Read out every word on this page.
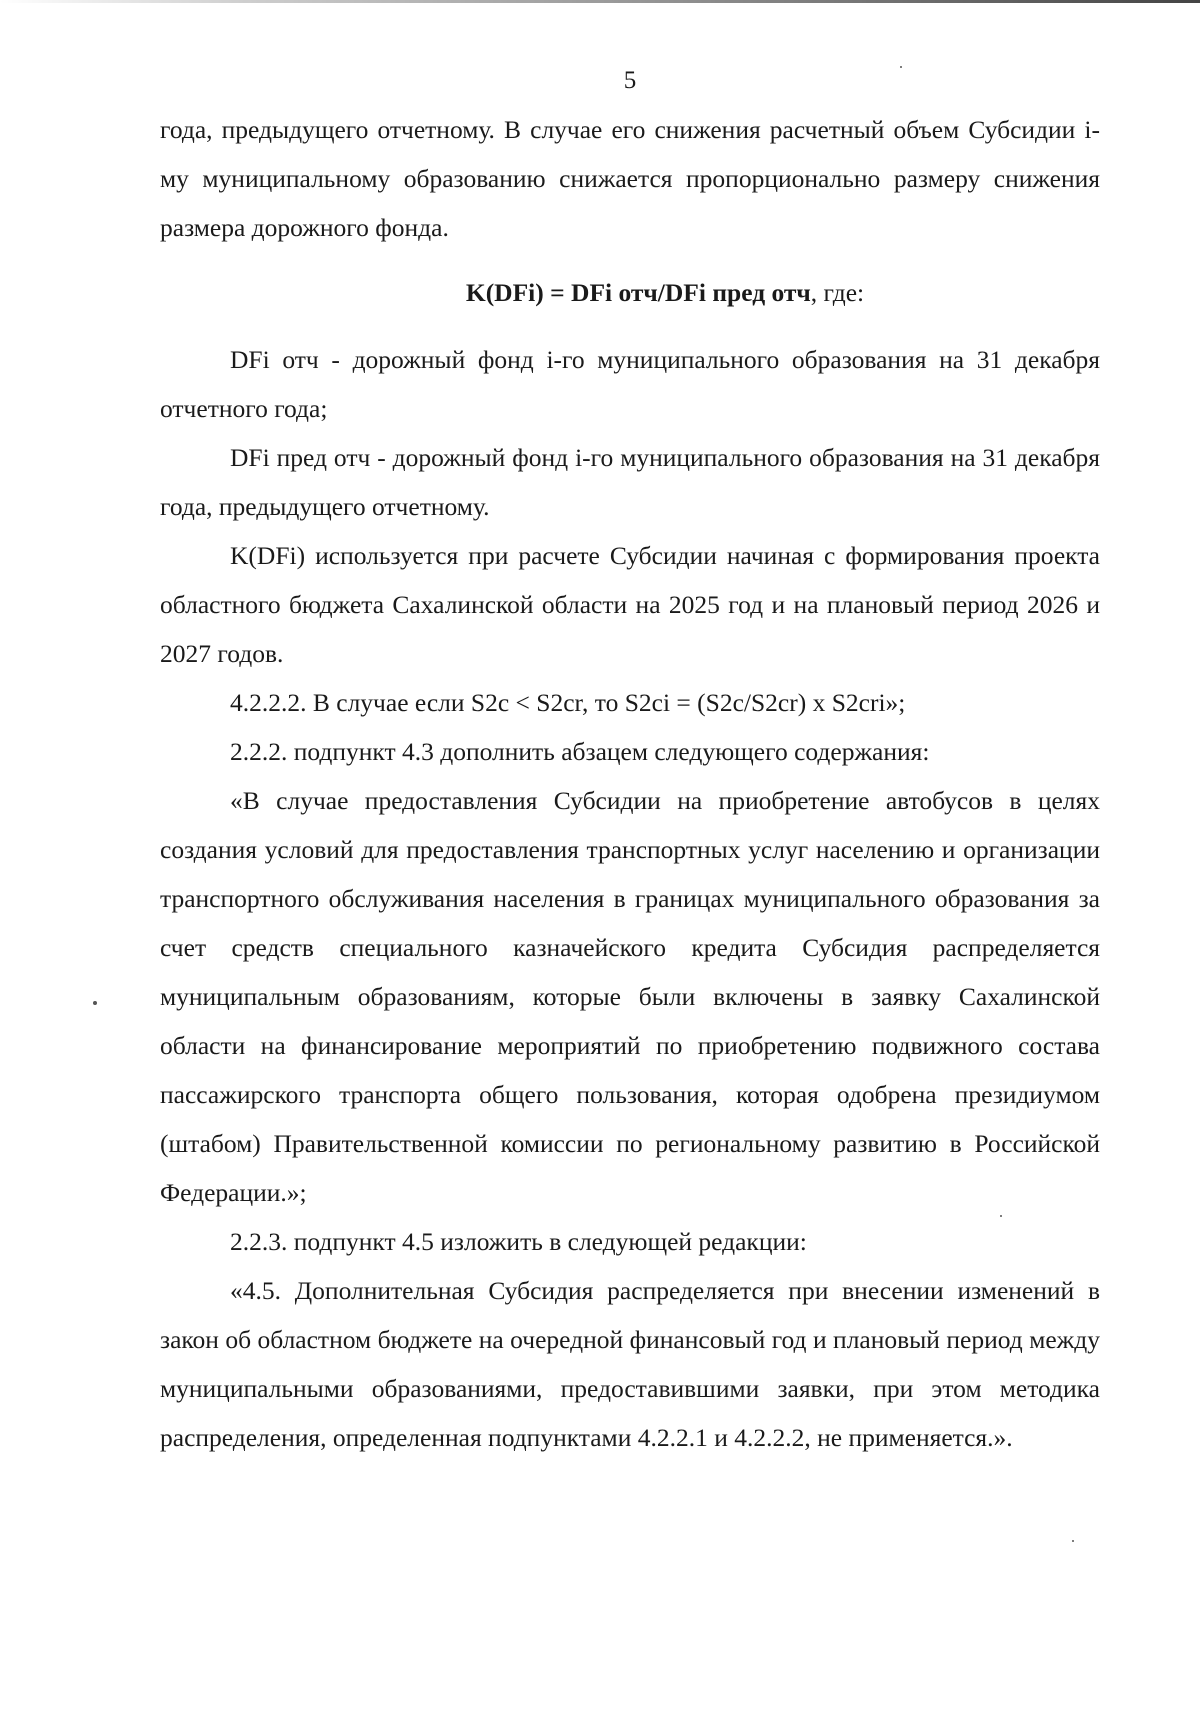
5

года, предыдущего отчетному. В случае его снижения расчетный объем Субсидии i-му муниципальному образованию снижается пропорционально размеру снижения размера дорожного фонда.

K(DFi) = DFi отч/DFi пред отч, где:

DFi отч - дорожный фонд i-го муниципального образования на 31 декабря отчетного года;

DFi пред отч - дорожный фонд i-го муниципального образования на 31 декабря года, предыдущего отчетному.

K(DFi) используется при расчете Субсидии начиная с формирования проекта областного бюджета Сахалинской области на 2025 год и на плановый период 2026 и 2027 годов.

4.2.2.2. В случае если S2c < S2cr, то S2ci = (S2c/S2cr) x S2cri»;

2.2.2. подпункт 4.3 дополнить абзацем следующего содержания:

«В случае предоставления Субсидии на приобретение автобусов в целях создания условий для предоставления транспортных услуг населению и организации транспортного обслуживания населения в границах муниципального образования за счет средств специального казначейского кредита Субсидия распределяется муниципальным образованиям, которые были включены в заявку Сахалинской области на финансирование мероприятий по приобретению подвижного состава пассажирского транспорта общего пользования, которая одобрена президиумом (штабом) Правительственной комиссии по региональному развитию в Российской Федерации.»;

2.2.3. подпункт 4.5 изложить в следующей редакции:

«4.5. Дополнительная Субсидия распределяется при внесении изменений в закон об областном бюджете на очередной финансовый год и плановый период между муниципальными образованиями, предоставившими заявки, при этом методика распределения, определенная подпунктами 4.2.2.1 и 4.2.2.2, не применяется.».
